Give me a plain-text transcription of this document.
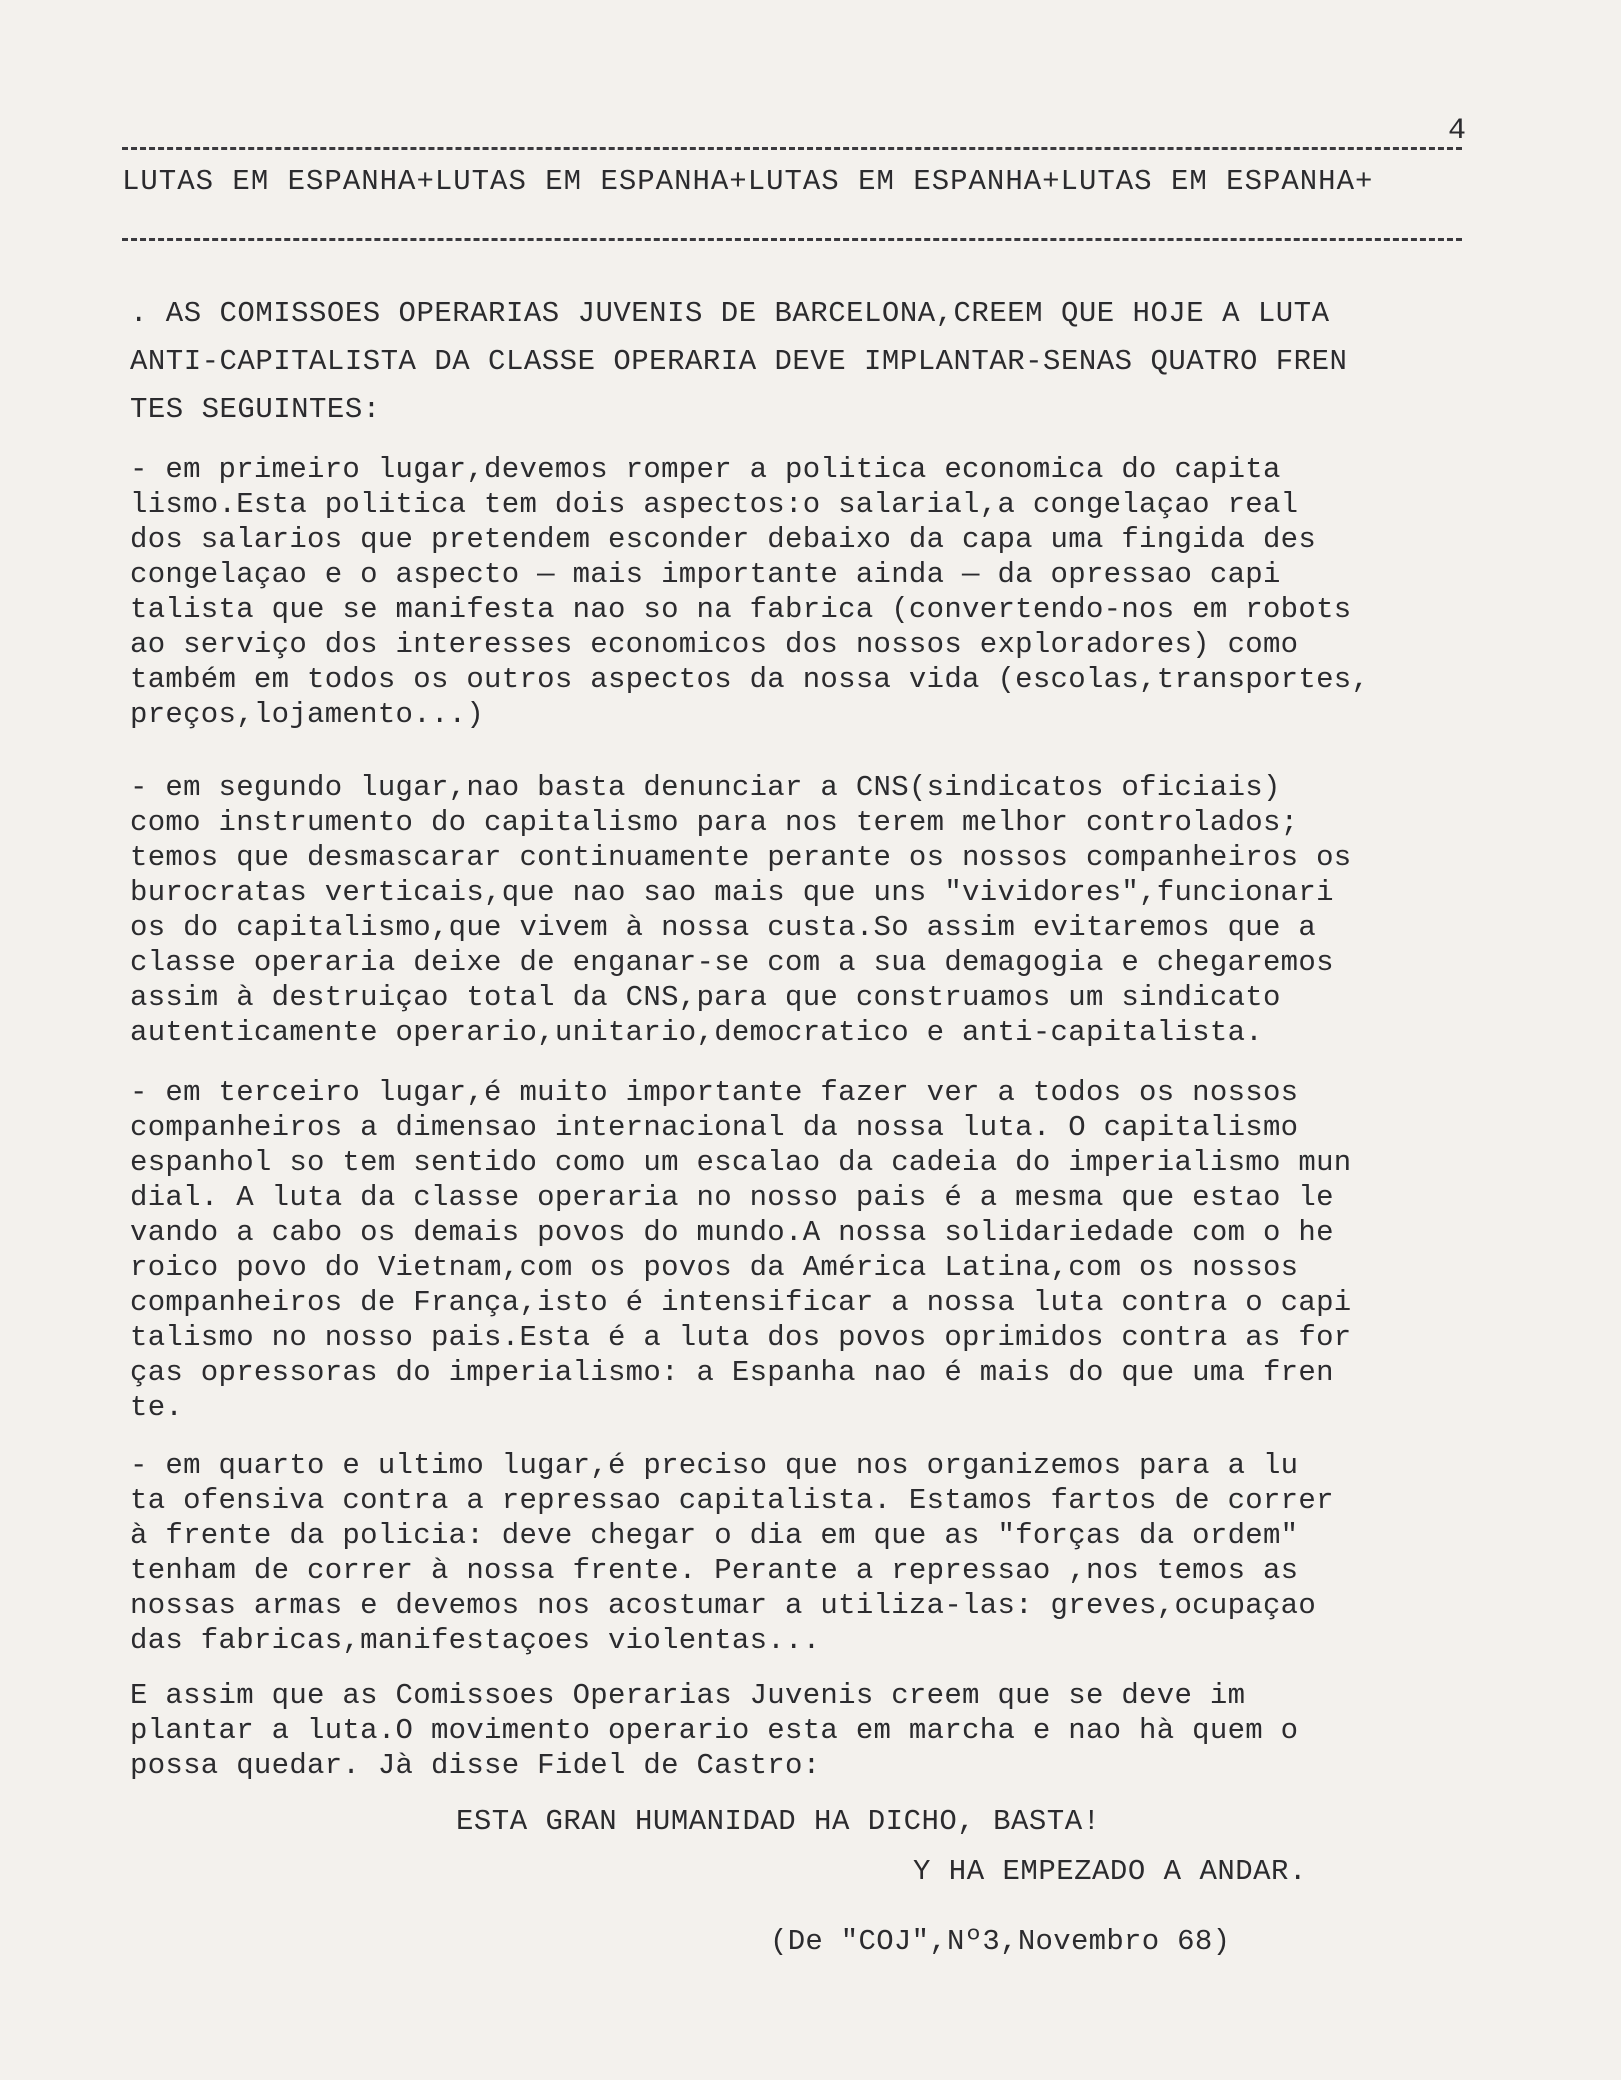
4
LUTAS EM ESPANHA+LUTAS EM ESPANHA+LUTAS EM ESPANHA+LUTAS EM ESPANHA+

. AS COMISSOES OPERARIAS JUVENIS DE BARCELONA,CREEM QUE HOJE A LUTA
ANTI-CAPITALISTA DA CLASSE OPERARIA DEVE IMPLANTAR-SENAS QUATRO FREN
TES SEGUINTES:

- em primeiro lugar,devemos romper a politica economica do capita
lismo.Esta politica tem dois aspectos:o salarial,a congelaçao real
dos salarios que pretendem esconder debaixo da capa uma fingida des
congelaçao e o aspecto — mais importante ainda — da opressao capi
talista que se manifesta nao so na fabrica (convertendo-nos em robots
ao serviço dos interesses economicos dos nossos exploradores) como
também em todos os outros aspectos da nossa vida (escolas,transportes,
preços,lojamento...)

- em segundo lugar,nao basta denunciar a CNS(sindicatos oficiais)
como instrumento do capitalismo para nos terem melhor controlados;
temos que desmascarar continuamente perante os nossos companheiros os
burocratas verticais,que nao sao mais que uns "vividores",funcionari
os do capitalismo,que vivem à nossa custa.So assim evitaremos que a
classe operaria deixe de enganar-se com a sua demagogia e chegaremos
assim à destruiçao total da CNS,para que construamos um sindicato
autenticamente operario,unitario,democratico e anti-capitalista.

- em terceiro lugar,é muito importante fazer ver a todos os nossos
companheiros a dimensao internacional da nossa luta. O capitalismo
espanhol so tem sentido como um escalao da cadeia do imperialismo mun
dial. A luta da classe operaria no nosso pais é a mesma que estao le
vando a cabo os demais povos do mundo.A nossa solidariedade com o he
roico povo do Vietnam,com os povos da América Latina,com os nossos
companheiros de França,isto é intensificar a nossa luta contra o capi
talismo no nosso pais.Esta é a luta dos povos oprimidos contra as for
ças opressoras do imperialismo: a Espanha nao é mais do que uma fren
te.

- em quarto e ultimo lugar,é preciso que nos organizemos para a lu
ta ofensiva contra a repressao capitalista. Estamos fartos de correr
à frente da policia: deve chegar o dia em que as "forças da ordem"
tenham de correr à nossa frente. Perante a repressao ,nos temos as
nossas armas e devemos nos acostumar a utiliza-las: greves,ocupaçao
das fabricas,manifestaçoes violentas...

E assim que as Comissoes Operarias Juvenis creem que se deve im
plantar a luta.O movimento operario esta em marcha e nao hà quem o
possa quedar. Jà disse Fidel de Castro:

ESTA GRAN HUMANIDAD HA DICHO, BASTA!
Y HA EMPEZADO A ANDAR.
(De "COJ",Nº3,Novembro 68)
